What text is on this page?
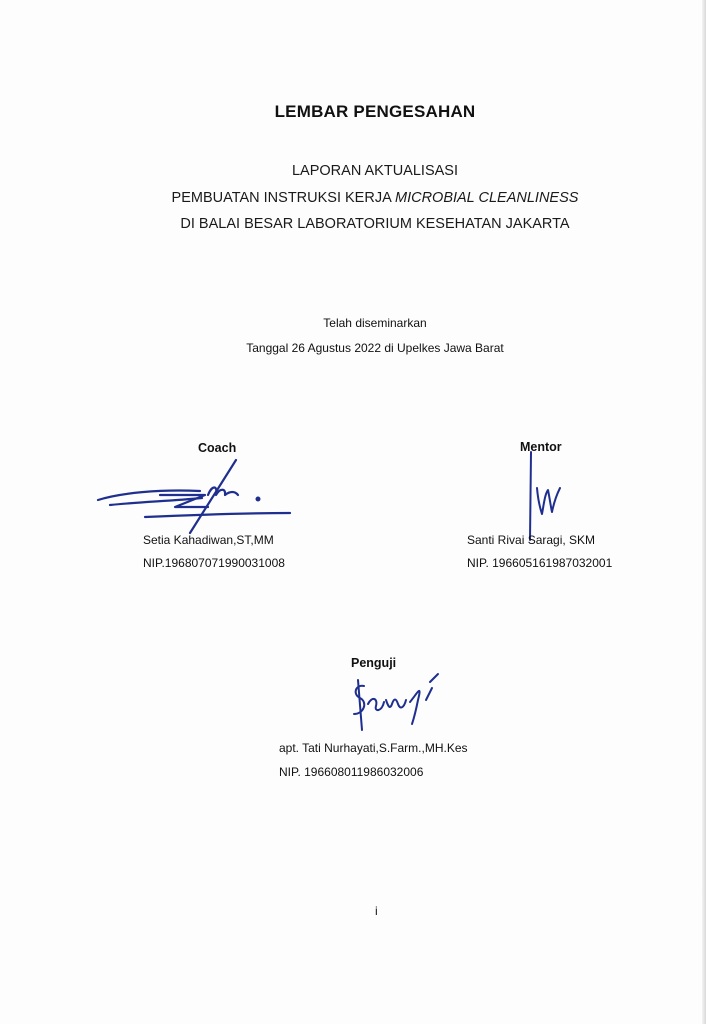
LEMBAR PENGESAHAN
LAPORAN AKTUALISASI
PEMBUATAN INSTRUKSI KERJA MICROBIAL CLEANLINESS
DI BALAI BESAR LABORATORIUM KESEHATAN JAKARTA
Telah diseminarkan
Tanggal 26 Agustus 2022 di Upelkes Jawa Barat
Coach
Setia Kahadiwan,ST,MM
NIP.196807071990031008
Mentor
Santi Rivai Saragi, SKM
NIP. 196605161987032001
Penguji
apt. Tati Nurhayati,S.Farm.,MH.Kes
NIP. 196608011986032006
i
